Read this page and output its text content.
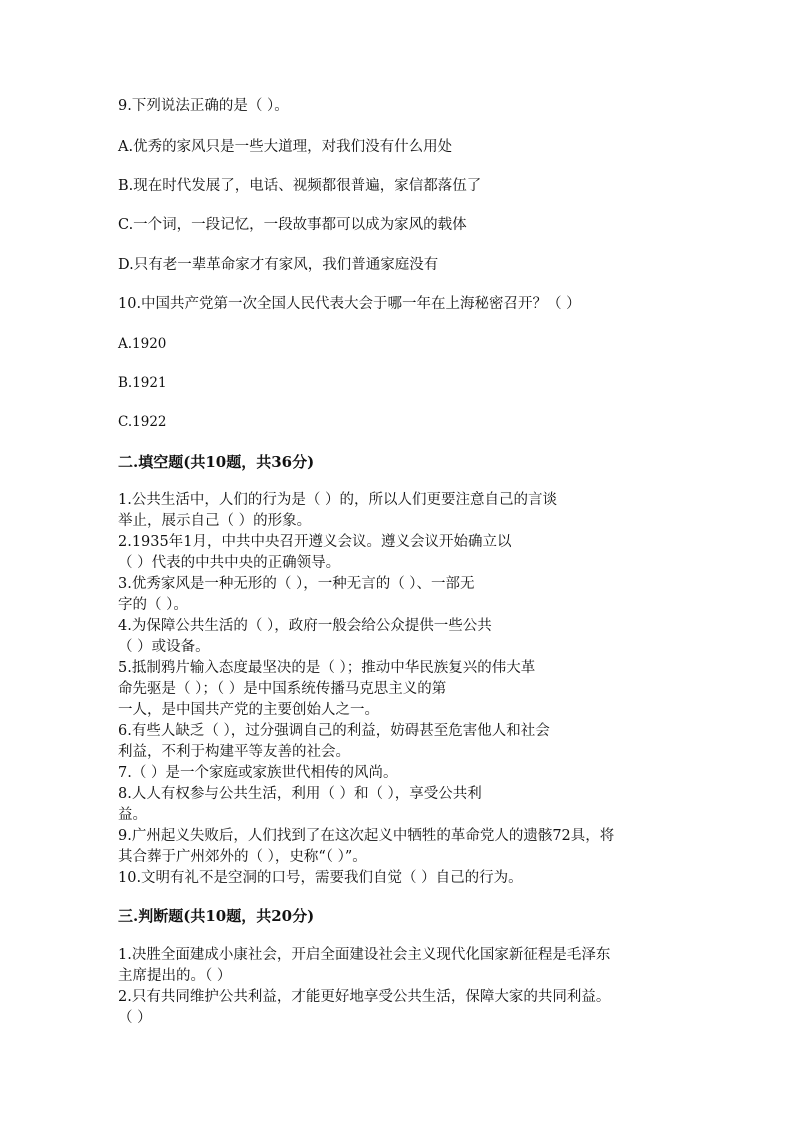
9.下列说法正确的是（ ）。
A.优秀的家风只是一些大道理，对我们没有什么用处
B.现在时代发展了，电话、视频都很普遍，家信都落伍了
C.一个词，一段记忆，一段故事都可以成为家风的载体
D.只有老一辈革命家才有家风，我们普通家庭没有
10.中国共产党第一次全国人民代表大会于哪一年在上海秘密召开？（ ）
A.1920
B.1921
C.1922
二.填空题(共10题，共36分)
1.公共生活中，人们的行为是（ ）的，所以人们更要注意自己的言谈
举止，展示自己（ ）的形象。
2.1935年1月，中共中央召开遵义会议。遵义会议开始确立以
（ ）代表的中共中央的正确领导。
3.优秀家风是一种无形的（ ），一种无言的（ ）、一部无
字的（ ）。
4.为保障公共生活的（ ），政府一般会给公众提供一些公共
（ ）或设备。
5.抵制鸦片输入态度最坚决的是（ ）；推动中华民族复兴的伟大革
命先驱是（ ）；（ ）是中国系统传播马克思主义的第
一人，是中国共产党的主要创始人之一。
6.有些人缺乏（ ），过分强调自己的利益，妨碍甚至危害他人和社会
利益，不利于构建平等友善的社会。
7.（ ）是一个家庭或家族世代相传的风尚。
8.人人有权参与公共生活，利用（ ）和（ ），享受公共利
益。
9.广州起义失败后，人们找到了在这次起义中牺牲的革命党人的遗骸72具，将
其合葬于广州郊外的（ ），史称“（ ）”。
10.文明有礼不是空洞的口号，需要我们自觉（ ）自己的行为。
三.判断题(共10题，共20分)
1.决胜全面建成小康社会，开启全面建设社会主义现代化国家新征程是毛泽东
主席提出的。（ ）
2.只有共同维护公共利益，才能更好地享受公共生活，保障大家的共同利益。
（ ）
